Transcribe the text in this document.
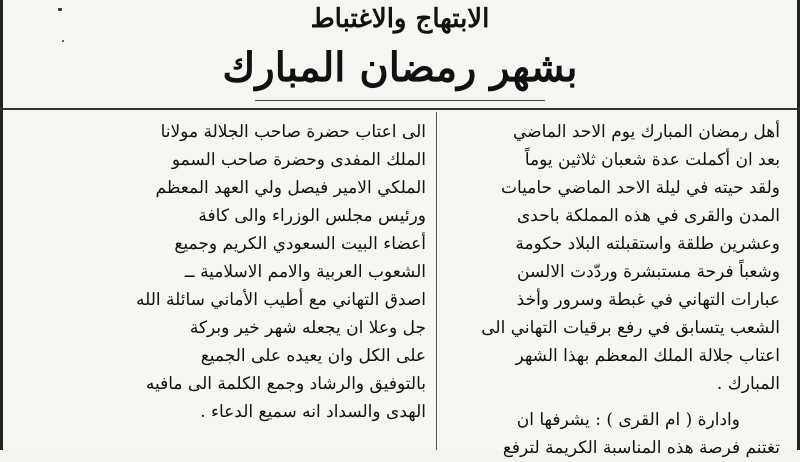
الابتهاج والاغتباط
بشهر رمضان المبارك
أهل رمضان المبارك يوم الاحد الماضي
بعد ان أكملت عدة شعبان ثلاثين يوماً
ولقد حيته في ليلة الاحد الماضي حاميات
المدن والقرى في هذه المملكة باحدى
وعشرين طلقة واستقبلته البلاد حكومة
وشعباً فرحة مستبشرة وردّدت الالسن
عبارات التهاني في غبطة وسرور وأخذ
الشعب يتسابق في رفع برقيات التهاني الى
اعتاب جلالة الملك المعظم بهذا الشهر
المبارك .
وادارة ( ام القرى ) : يشرفها ان
تغتنم فرصة هذه المناسبة الكريمة لترفع
الى اعتاب حضرة صاحب الجلالة مولانا
الملك المفدى وحضرة صاحب السمو
الملكي الامير فيصل ولي العهد المعظم
ورئيس مجلس الوزراء والى كافة
أعضاء البيت السعودي الكريم وجميع
الشعوب العربية والامم الاسلامية ــ
اصدق التهاني مع أطيب الأماني سائلة الله
جل وعلا ان يجعله شهر خير وبركة
على الكل وان يعيده على الجميع
بالتوفيق والرشاد وجمع الكلمة الى مافيه
الهدى والسداد انه سميع الدعاء .
